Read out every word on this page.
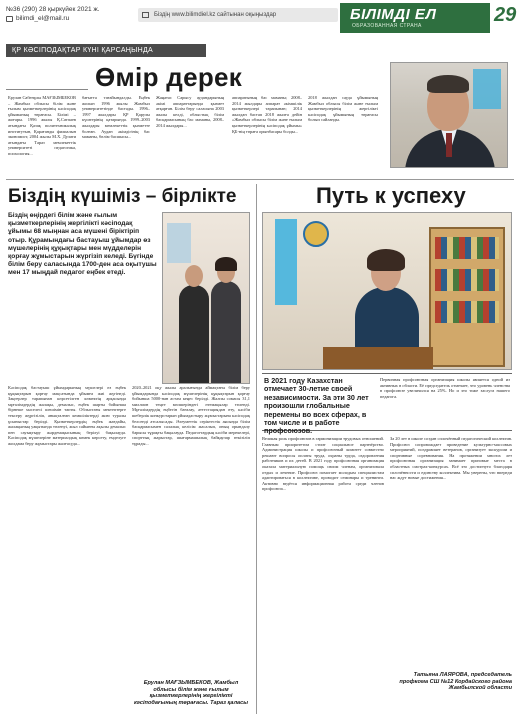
№36 (290) 28 қыркүйек 2021 ж.
bilimdi_el@mail.ru	Біздің www.bilimdiel.kz сайтынан оқыңыздар	БІЛІМДІ ЕЛ
ОБРАЗОВАННАЯ СТРАНА	29
ҚР КӘСІПОДАҚТАР КҮНІ ҚАРСАҢЫНДА
Өмір дерек
Ерулан Сабенұлы МАҒЗЫМБЕКОВ – Жамбыл облысы білім және ғылым қызметкерлерінің кәсіподақ ұйымының төрағасы. Білімі – жоғары. 1996 жылы Қ.Сатпаев атындағы Қазақ политехникалық институтын, Қарағанды филиалын экономист, 2004 жылы М.Х. Дулати атындағы Тараз мемлекеттік университеті педагогика, психология...
бағытта тағайындалды. Еңбек жолын 1996 жылы Жамбыл университетінде бастады. 1996–1997 жылдары ҚР Қарулы күштерінің қатарында. 1999–2003 жылдары мемлекеттік қызметте болған. Аудан әкімдігінің бас маманы, бөлім басшысы...
Жаңатас Сарысу аудандарының әкімі аппараттарында қызмет атқарған. Білім беру саласына 2003 жылы келді, облыстық білім басқармасының бас маманы, 2008–2014 жылдары...
аппаратының бас маманы; 2008–2014 жылдары аппарат әкімшілік қызметкерлері тарапынан; 2014 жылдан бастап 2018 жылға дейін «Жамбыл облысы білім және ғылым қызметкерлерінің кәсіподақ ұйымы» ҚБ-нің төраға орынбасары болды...
2018 жылдан сауда ұйымының Жамбыл облысы білім және ғылым қызметкерлерінің жергілікті кәсіподақ ұйымының төрағасы болып сайланды.
Біздің күшіміз – бірлікте
Біздің өңірдегі білім және ғылым қызметкерлерінің жергілікті кәсіподақ ұйымы 68 мыңнан аса мүшені біріктіріп отыр. Құрамындағы бастауыш ұйымдар өз мүшелерінің құқықтары мен мүдделерін қорғау жұмыстарын жүргізіп келеді. Бүгінде білім беру саласында 1700-ден аса оқытушы мен 17 мыңдай педагог еңбек етеді.
Кәсіподақ бастауыш ұйымдарының мүшелері өз еңбек құқықтарын қорғау мақсатында ұйымға жиі жүгінеді. Заңгерлер тарапынан көрсетілген көмектің арқасында мұғалімдердің жалақы, демалыс, еңбек шарты бойынша бірнеше мәселесі шешімін тапты. Облыстағы мектептерге тексеру жүргізіліп, анықталған кемшіліктерді жою туралы ұсыныстар берілді. Қызметкерлердің еңбек жағдайы, жалақының уақытында төленуі, жыл сайынғы ақылы демалыс пен сауықтыру жәрдемақысының берілуі бақылауда. Кәсіподақ мүшелеріне материалдық көмек көрсету, емделуге жолдама беру жұмыстары жалғасуда...
2020–2021 оқу жылы аралығында аймақтағы білім беру ұйымдарында кәсіподақ мүшелерінің құқықтарын қорғау бойынша 5000-нан астам кеңес берілді. Жалпы сомасы 31,1 миллион теңге мөлшеріндегі өтемақылар төленді. Мұғалімдердің еңбегін бағалау, аттестациядан өту, кәсіби шеберлік конкурстарын ұйымдастыру жұмыстарына кәсіподақ белсенді атсалысады. Әлеуметтік серіктестік аясында білім басқармасымен салалық келісім жасалып, оның орындалу барысы тұрақты бақылауда. Педагогтардың кәсіби мерекелері, спорттық жарыстар, шығармашылық байқаулар өткізіліп тұрады...
Ерулан МАҒЗЫМБЕКОВ, Жамбыл облысы білім және ғылым қызметкерлерінің жергілікті кәсіподағының төрағасы. Тараз қаласы
Путь к успеху
В 2021 году Казахстан отмечает 30-летие своей независимости. За эти 30 лет произошли глобальные перемены во всех сферах, в том числе и в работе профсоюзов.
Первичная профсоюзная организация школы является одной из активных в области. Её председатель отмечает, что уровень членства в профсоюзе увеличился на 25%. Но и это тоже заслуга нашего педагога.
Великая роль профсоюзов в гармонизации трудовых отношений. Главным приоритетом стоит социальное партнёрство. Администрация школы и профсоюзный комитет совместно решают вопросы оплаты труда, охраны труда, оздоровления работников и их детей. В 2021 году профсоюзная организация оказала материальную помощь своим членам, организовала отдых и лечение. Профсоюз помогает молодым специалистам адаптироваться в коллективе, проводит семинары и тренинги. Активно ведётся информационная работа среди членов профсоюза...
За 20 лет в школе создан сплочённый педагогический коллектив. Профсоюз сопровождает проведение культурно-массовых мероприятий, поздравляет ветеранов, организует экскурсии и спортивные соревнования. На протяжении многих лет профсоюзная организация занимает призовые места в областных смотрах-конкурсах. Всё это достигнуто благодаря сплочённости и единству коллектива. Мы уверены, что впереди нас ждут новые достижения...
Татьяна ЛАЯРОВА, председатель профкома СШ №12 Кордайского района Жамбылской области
